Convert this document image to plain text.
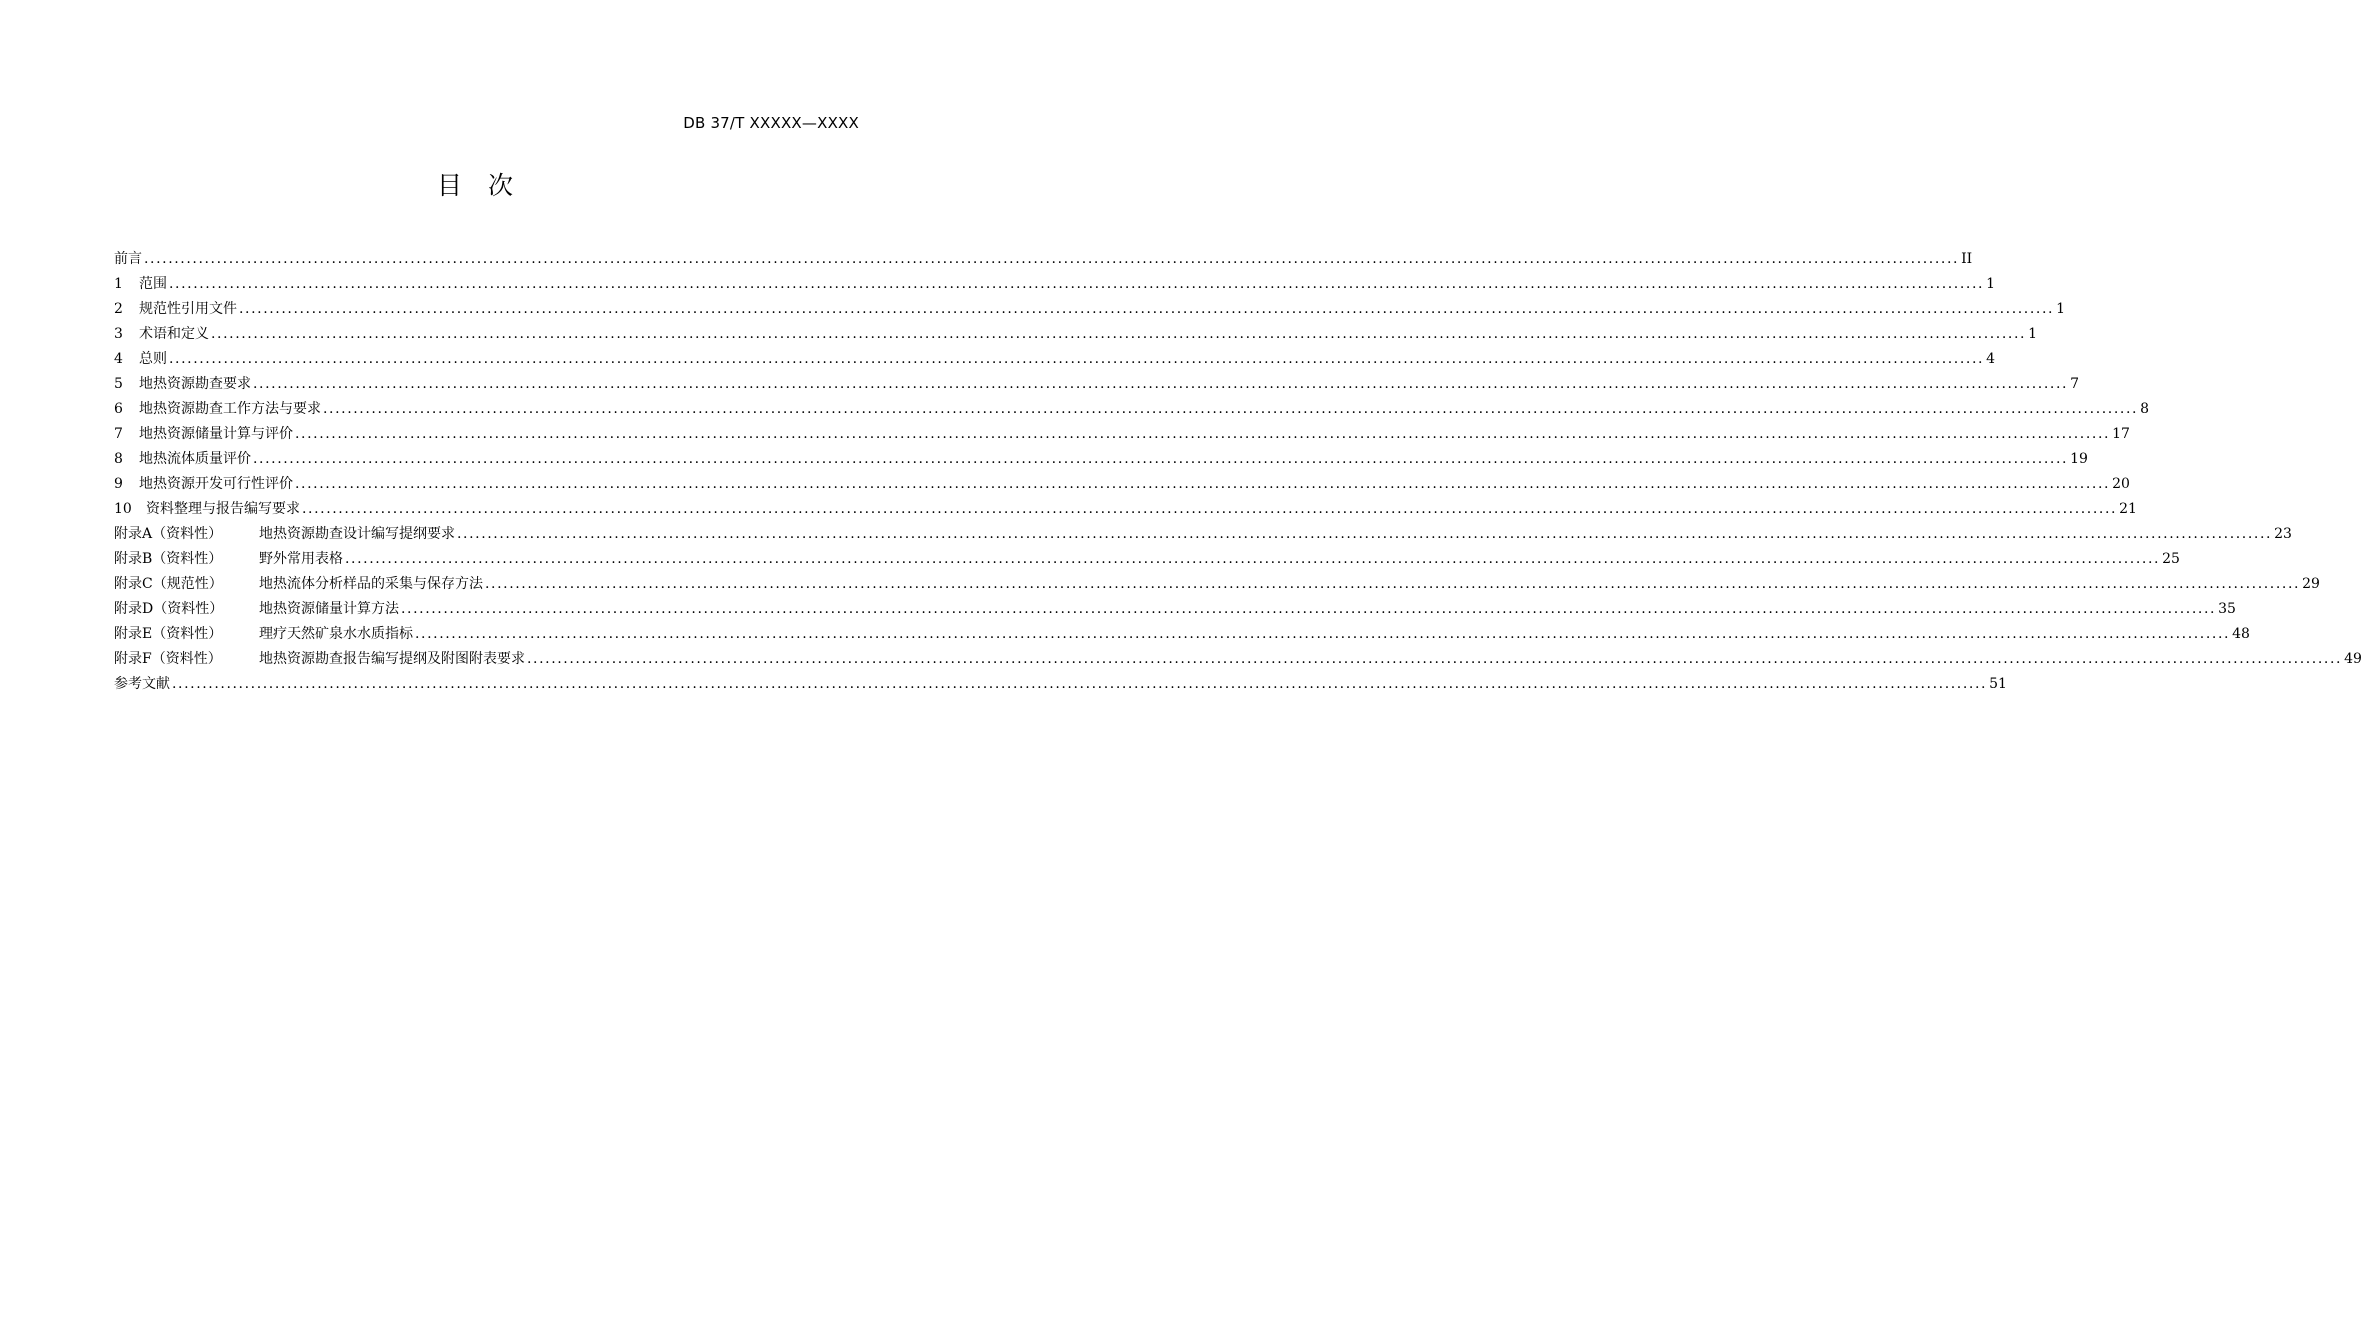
DB 37/T XXXXX—XXXX
目次
前言 ............................................................................................................................................................................................................................................................................................................ II
1	范围 ............................................................................................................................................................................................................................................................................................................ 1
2	规范性引用文件 ............................................................................................................................................................................................................................................................................................................ 1
3	术语和定义 ............................................................................................................................................................................................................................................................................................................ 1
4	总则 ............................................................................................................................................................................................................................................................................................................ 4
5	地热资源勘查要求 ............................................................................................................................................................................................................................................................................................................ 7
6	地热资源勘查工作方法与要求 ............................................................................................................................................................................................................................................................................................................ 8
7	地热资源储量计算与评价 ............................................................................................................................................................................................................................................................................................................ 17
8	地热流体质量评价 ............................................................................................................................................................................................................................................................................................................ 19
9	地热资源开发可行性评价 ............................................................................................................................................................................................................................................................................................................ 20
10	资料整理与报告编写要求 ............................................................................................................................................................................................................................................................................................................ 21
附录A（资料性）	地热资源勘查设计编写提纲要求 ............................................................................................................................................................................................................................................................................................................ 23
附录B（资料性）	野外常用表格 ............................................................................................................................................................................................................................................................................................................ 25
附录C（规范性）	地热流体分析样品的采集与保存方法 ............................................................................................................................................................................................................................................................................................................ 29
附录D（资料性）	地热资源储量计算方法 ............................................................................................................................................................................................................................................................................................................ 35
附录E（资料性）	理疗天然矿泉水水质指标 ............................................................................................................................................................................................................................................................................................................ 48
附录F（资料性）	地热资源勘查报告编写提纲及附图附表要求 ............................................................................................................................................................................................................................................................................................................ 49
参考文献 ............................................................................................................................................................................................................................................................................................................ 51
